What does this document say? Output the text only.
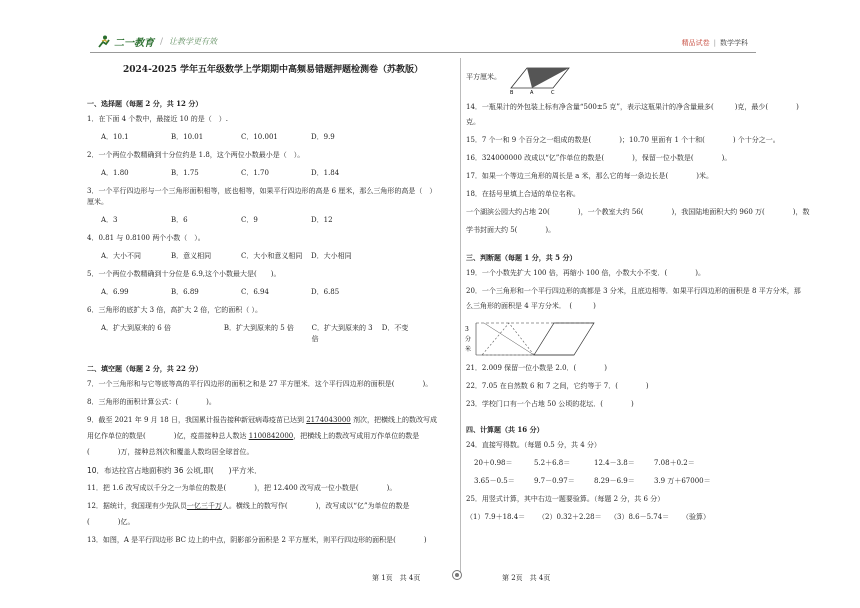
二一教育 / 让教学更有效	精品试卷 | 数学学科
2024-2025 学年五年级数学上学期期中高频易错题押题检测卷（苏教版）
一、选择题（每题 2 分，共 12 分）
1．在下面 4 个数中，最接近 10 的是（　）.
A．10.1	B．10.01	C．10.001	D．9.9
2．一个两位小数精确到十分位约是 1.8，这个两位小数最小是（　）。
A．1.80	B．1.75	C．1.70	D．1.84
3．一个平行四边形与一个三角形面积相等，底也相等，如果平行四边形的高是 6 厘米，那么三角形的高是（　）
厘米。
A．3	B．6	C．9	D．12
4．0.81 与 0.8100 两个小数（　）。
A．大小不同	B．意义相同	C．大小和意义相同	D．大小相同
5．一个两位小数精确到十分位是 6.9,这个小数最大是(　　)。
A．6.99	B．6.89	C．6.94	D．6.85
6．三角形的底扩大 3 倍，高扩大 2 倍，它的面积（ ）。
A．扩大到原来的 6 倍	B．扩大到原来的 5 倍	C．扩大到原来的 3 倍
D．不变
二、填空题（每题 2 分，共 22 分）
7．一个三角形和与它等底等高的平行四边形的面积之和是 27 平方厘米．这个平行四边形的面积是(　　　　)。
8．三角形的面积计算公式：(　　　　)。
9．截至 2021 年 9 月 18 日，我国累计报告接种新冠病毒疫苗已达到 2174043000 剂次，把横线上的数改写成
用亿作单位的数是(　　　　)亿，疫苗接种总人数达 1100842000，把横线上的数改写成用万作单位的数是
(　　　　)万，接种总剂次和覆盖人数均居全球首位。
10．布达拉宫占地面积约 36 公顷,即(　　)平方米．
11．把 1.6 改写成以千分之一为单位的数是(　　　　)，把 12.400 改写成一位小数是(　　　　)。
12．据统计，我国现有少先队员一亿三千万人。横线上的数写作(　　　　)，改写成以“亿”为单位的数是
(　　　　)亿。
13．如图，A 是平行四边形 BC 边上的中点，阴影部分面积是 2 平方厘米，则平行四边形的面积是(　　　　)
平方厘米。
B	A	C
14．一瓶果汁的外包装上标有净含量“500±5 克”，表示这瓶果汁的净含量最多(　　　)克，最少(　　　　)
克。
15．7 个一和 9 个百分之一组成的数是(　　　　)；10.70 里面有 1 个十和(　　　　) 个十分之一。
16．324000000 改成以“亿”作单位的数是(　　　　)，保留一位小数是(　　　　)。
17．如果一个等边三角形的周长是 a 米，那么它的每一条边长是(　　　　)米。
18．在括号里填上合适的单位名称。
一个湖滨公园大约占地 20(　　　　)，一个教室大约 56(　　　　)，我国陆地面积大约 960 万(　　　　)，数
学书封面大约 5(　　　　)。
三、判断题（每题 1 分，共 5 分）
19．一个小数先扩大 100 倍，再缩小 100 倍，小数大小不变．(　　　　)。
20．一个三角形和一个平行四边形的高都是 3 分米，且底边相等．如果平行四边形的面积是 8 平方分米，那
么三角形的面积是 4 平方分米．　(　　　)
3
分
米
21．2.009 保留一位小数是 2.0．(　　　　)
22．7.05 在自然数 6 和 7 之间，它约等于 7．(　　　　)
23．学校门口有一个占地 50 公顷的花坛．(　　　　)
四、计算题（共 16 分）
24．直接写得数。（每题 0.5 分，共 4 分）
20＋0.98＝	5.2＋6.8＝	12.4－3.8＝	7.08＋0.2＝
3.65－0.5＝	9.7－0.97＝	8.29－6.9＝	3.9 万＋67000＝
25．用竖式计算，其中右边一题要验算。（每题 2 分，共 6 分）
（1）7.9＋18.4＝ （2）0.32＋2.28＝ （3）8.6－5.74＝ （验算）
第 1页　共 4页	第 2页　共 4页
